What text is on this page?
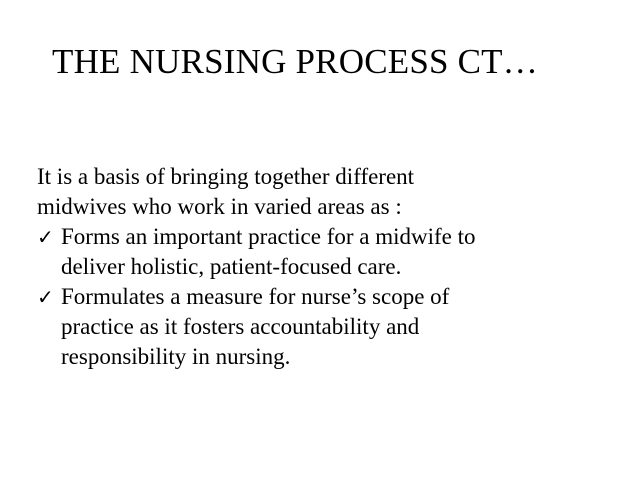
THE NURSING PROCESS CT…

It is a basis of bringing together different
midwives who work in varied areas as :

✓ Forms an important practice for a midwife to
deliver holistic, patient-focused care.
✓ Formulates a measure for nurse’s scope of
practice as it fosters accountability and
responsibility in nursing.
